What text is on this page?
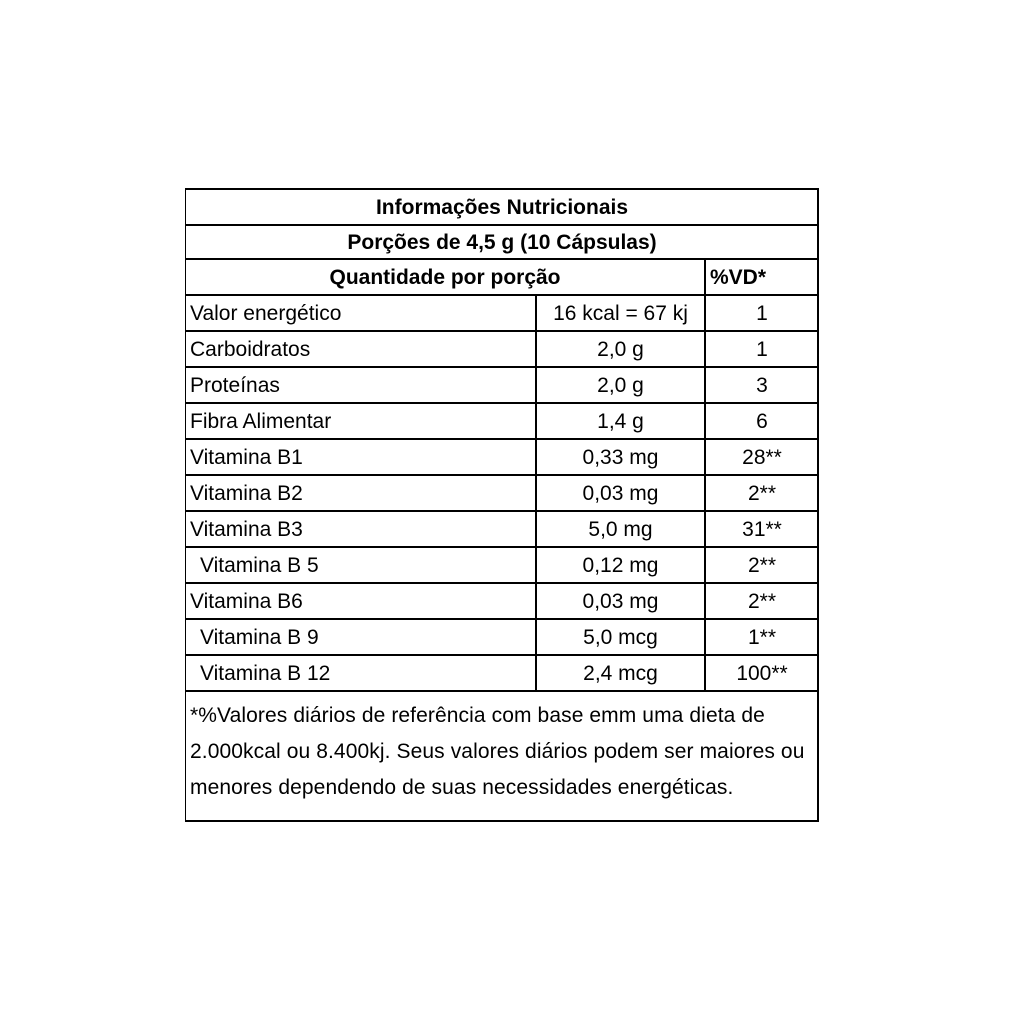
Informações Nutricionais		
Porções de 4,5 g (10 Cápsulas)		
Quantidade por porção		%VD*
Valor energético	16 kcal = 67 kj	1
Carboidratos	2,0 g	1
Proteínas	2,0 g	3
Fibra Alimentar	1,4 g	6
Vitamina B1	0,33 mg	28**
Vitamina B2	0,03 mg	2**
Vitamina B3	5,0 mg	31**
Vitamina B 5	0,12 mg	2**
Vitamina B6	0,03 mg	2**
Vitamina B 9	5,0 mcg	1**
Vitamina B 12	2,4 mcg	100**
*%Valores diários de referência com base emm uma dieta de 2.000kcal ou 8.400kj. Seus valores diários podem ser maiores ou menores dependendo de suas necessidades energéticas.
